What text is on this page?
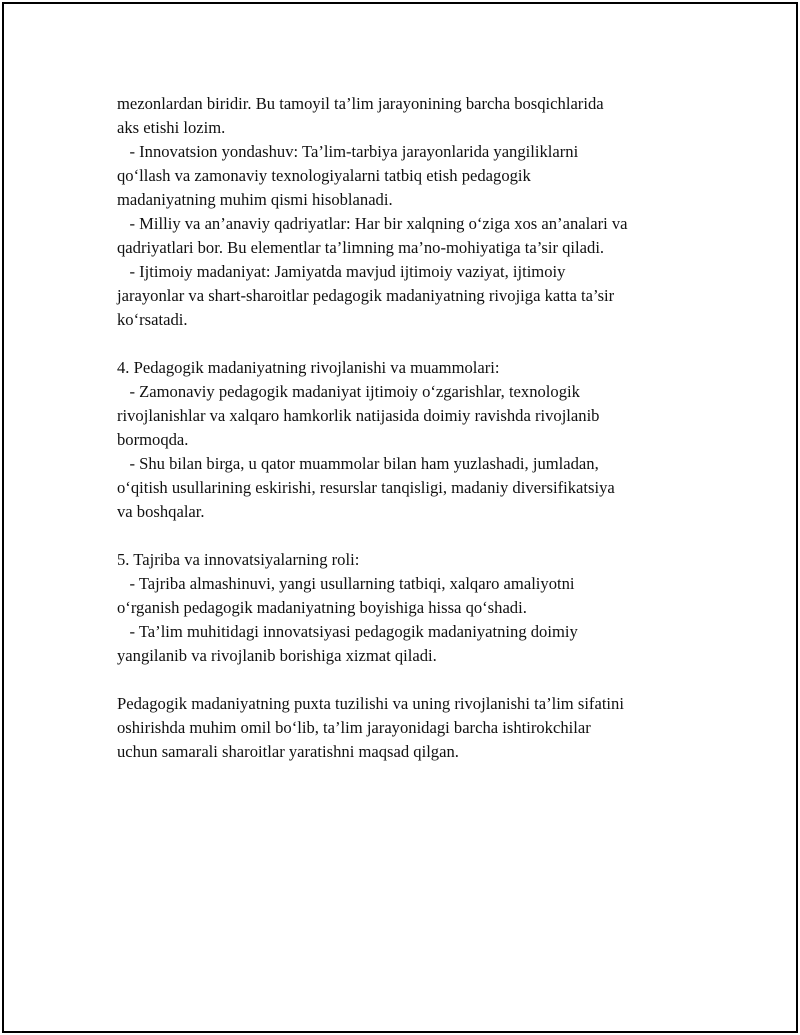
mezonlardan biridir. Bu tamoyil ta’lim jarayonining barcha bosqichlarida
aks etishi lozim.
- Innovatsion yondashuv: Ta’lim-tarbiya jarayonlarida yangiliklarni
qo‘llash va zamonaviy texnologiyalarni tatbiq etish pedagogik
madaniyatning muhim qismi hisoblanadi.
- Milliy va an’anaviy qadriyatlar: Har bir xalqning o‘ziga xos an’analari va
qadriyatlari bor. Bu elementlar ta’limning ma’no-mohiyatiga ta’sir qiladi.
- Ijtimoiy madaniyat: Jamiyatda mavjud ijtimoiy vaziyat, ijtimoiy
jarayonlar va shart-sharoitlar pedagogik madaniyatning rivojiga katta ta’sir
ko‘rsatadi.
4. Pedagogik madaniyatning rivojlanishi va muammolari:
- Zamonaviy pedagogik madaniyat ijtimoiy o‘zgarishlar, texnologik
rivojlanishlar va xalqaro hamkorlik natijasida doimiy ravishda rivojlanib
bormoqda.
- Shu bilan birga, u qator muammolar bilan ham yuzlashadi, jumladan,
o‘qitish usullarining eskirishi, resurslar tanqisligi, madaniy diversifikatsiya
va boshqalar.
5. Tajriba va innovatsiyalarning roli:
- Tajriba almashinuvi, yangi usullarning tatbiqi, xalqaro amaliyotni
o‘rganish pedagogik madaniyatning boyishiga hissa qo‘shadi.
- Ta’lim muhitidagi innovatsiyasi pedagogik madaniyatning doimiy
yangilanib va rivojlanib borishiga xizmat qiladi.
Pedagogik madaniyatning puxta tuzilishi va uning rivojlanishi ta’lim sifatini
oshirishda muhim omil bo‘lib, ta’lim jarayonidagi barcha ishtirokchilar
uchun samarali sharoitlar yaratishni maqsad qilgan.
